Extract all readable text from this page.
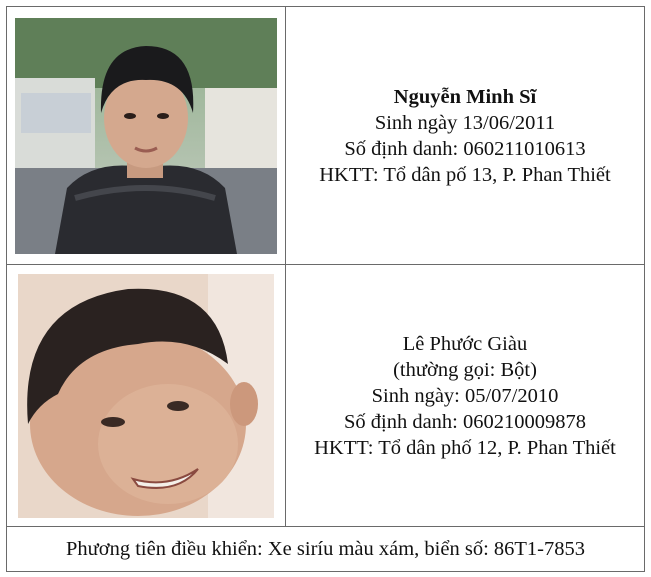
Nguyễn Minh Sĩ
Sinh ngày 13/06/2011
Số định danh: 060211010613
HKTT: Tổ dân pố 13, P. Phan Thiết

Lê Phước Giàu
(thường gọi: Bột)
Sinh ngày: 05/07/2010
Số định danh: 060210009878
HKTT: Tổ dân phố 12, P. Phan Thiết

Phương tiên điều khiển: Xe siríu màu xám, biển số: 86T1-7853	
